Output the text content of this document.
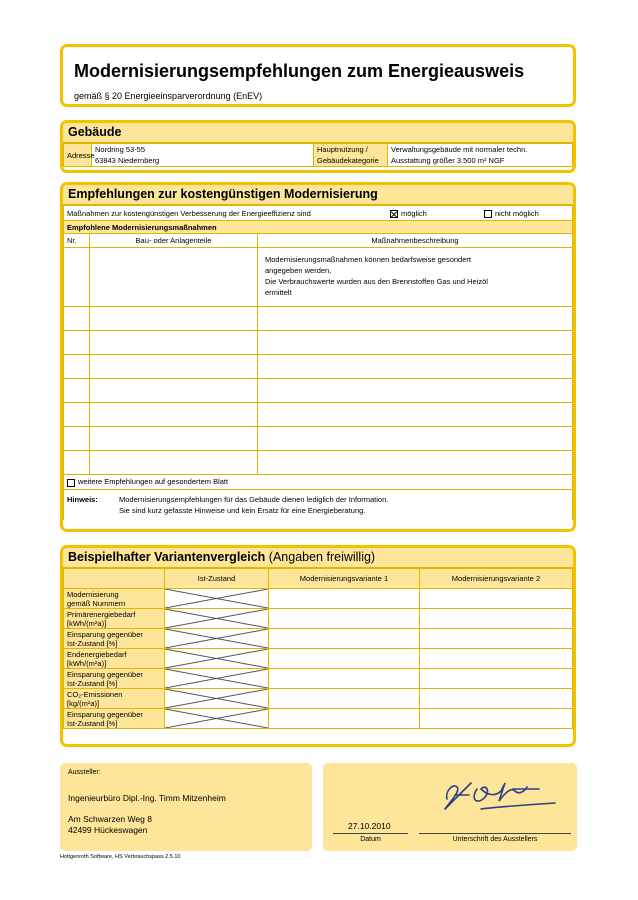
Modernisierungsempfehlungen zum Energieausweis
gemäß § 20 Energieeinsparverordnung (EnEV)
Gebäude
Adresse	Nordring 53-55	Hauptnutzung /	Verwaltungsgebäude mit normaler techn.
	63843 Niedernberg	Gebäudekategorie	Ausstattung größer 3.500 m² NGF
Empfehlungen zur kostengünstigen Modernisierung
Maßnahmen zur kostengünstigen Verbesserung der Energieeffizienz sind möglich nicht möglich		

Empfohlene Modernisierungsmaßnahmen		
Nr.	Bau- oder Anlagenteile	Maßnahmenbeschreibung

		Modernisierungsmaßnahmen können bedarfsweise gesondert
angegeben werden,
Die Verbrauchswerte wurden aus den Brennstoffen Gas und Heizöl
ermittelt

weitere Empfehlungen auf gesondertem Blatt		

Hinweis: Modernisierungsempfehlungen für das Gebäude dienen lediglich der Information.
Sie sind kurz gefasste Hinweise und kein Ersatz für eine Energieberatung.		
Beispielhafter Variantenvergleich (Angaben freiwillig)
	Ist-Zustand	Modernisierungsvariante 1	Modernisierungsvariante 2

Modernisierung
gemäß Nummern

Primärenergiebedarf
[kWh/(m²a)]

Einsparung gegenüber
Ist-Zustand [%]

Endenergiebedarf
[kWh/(m²a)]

Einsparung gegenüber
Ist-Zustand [%]

CO₂-Emissionen
[kg/(m²a)]

Einsparung gegenüber
Ist-Zustand [%]

Aussteller:
Ingenieurbüro Dipl.-Ing. Timm Mitzenheim
Am Schwarzen Weg 8
42499 Hückeswagen	27.10.2010
Datum	Unterschrift des Ausstellers
Hottgenroth Software, HS Verbrauchspass 2.5.10
